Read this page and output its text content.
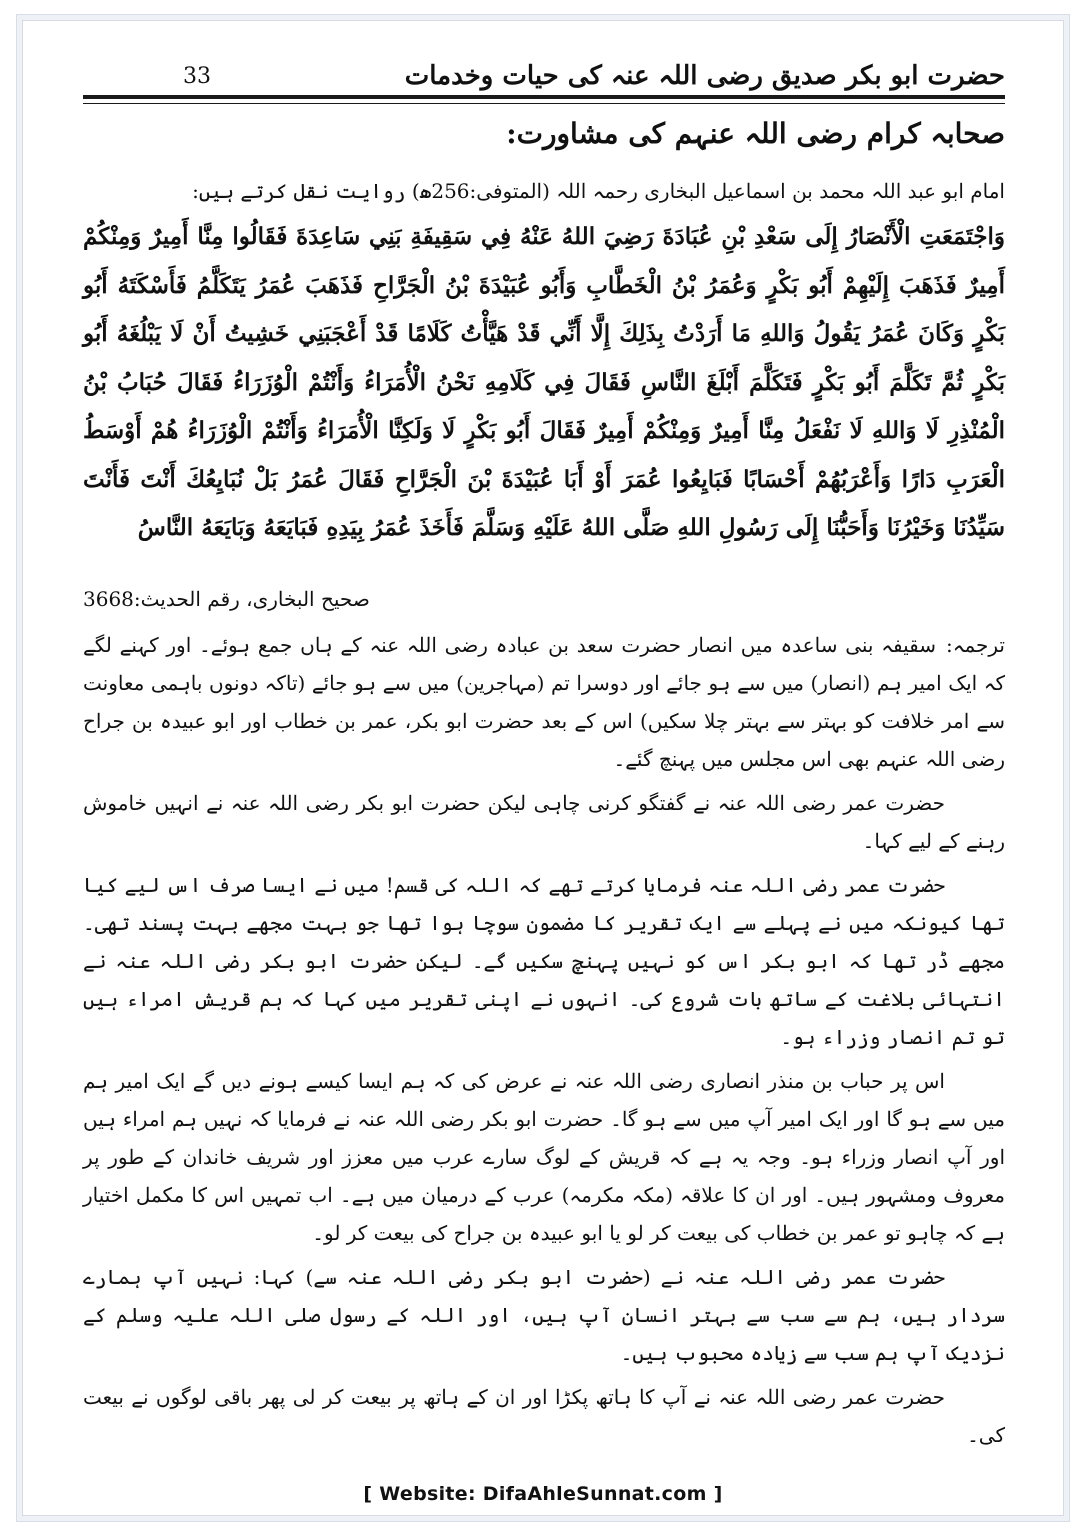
33	حضرت ابو بکر صدیق رضی اللہ عنہ کی حیات وخدمات
صحابہ کرام رضی اللہ عنہم کی مشاورت:
امام ابو عبد اللہ محمد بن اسماعیل البخاری رحمہ اللہ (المتوفی:256ھ) روایت نقل کرتے ہیں:
وَاجْتَمَعَتِ الْأَنْصَارُ إِلَى سَعْدِ بْنِ عُبَادَةَ رَضِيَ اللهُ عَنْهُ فِي سَقِيفَةِ بَنِي سَاعِدَةَ فَقَالُوا مِنَّا أَمِيرٌ وَمِنْكُمْ أَمِيرٌ فَذَهَبَ إِلَيْهِمْ أَبُو بَكْرٍ وَعُمَرُ بْنُ الْخَطَّابِ وَأَبُو عُبَيْدَةَ بْنُ الْجَرَّاحِ فَذَهَبَ عُمَرُ يَتَكَلَّمُ فَأَسْكَتَهُ أَبُو بَكْرٍ وَكَانَ عُمَرُ يَقُولُ وَاللهِ مَا أَرَدْتُ بِذَلِكَ إِلَّا أَنِّي قَدْ هَيَّأْتُ كَلَامًا قَدْ أَعْجَبَنِي خَشِيتُ أَنْ لَا يَبْلُغَهُ أَبُو بَكْرٍ ثُمَّ تَكَلَّمَ أَبُو بَكْرٍ فَتَكَلَّمَ أَبْلَغَ النَّاسِ فَقَالَ فِي كَلَامِهِ نَحْنُ الْأُمَرَاءُ وَأَنْتُمْ الْوُزَرَاءُ فَقَالَ حُبَابُ بْنُ الْمُنْذِرِ لَا وَاللهِ لَا نَفْعَلُ مِنَّا أَمِيرٌ وَمِنْكُمْ أَمِيرٌ فَقَالَ أَبُو بَكْرٍ لَا وَلَكِنَّا الْأُمَرَاءُ وَأَنْتُمْ الْوُزَرَاءُ هُمْ أَوْسَطُ الْعَرَبِ دَارًا وَأَعْرَبُهُمْ أَحْسَابًا فَبَايِعُوا عُمَرَ أَوْ أَبَا عُبَيْدَةَ بْنَ الْجَرَّاحِ فَقَالَ عُمَرُ بَلْ نُبَايِعُكَ أَنْتَ فَأَنْتَ سَيِّدُنَا وَخَيْرُنَا وَأَحَبُّنَا إِلَى رَسُولِ اللهِ صَلَّى اللهُ عَلَيْهِ وَسَلَّمَ فَأَخَذَ عُمَرُ بِيَدِهِ فَبَايَعَهُ وَبَايَعَهُ النَّاسُ
صحیح البخاری، رقم الحدیث:3668

ترجمہ:سقیفہ بنی ساعدہ میں انصار حضرت سعد بن عبادہ رضی اللہ عنہ کے ہاں جمع ہوئے۔ اور کہنے لگے کہ ایک امیر ہم (انصار) میں سے ہو جائے اور دوسرا تم (مہاجرین) میں سے ہو جائے (تاکہ دونوں باہمی معاونت سے امر خلافت کو بہتر سے بہتر چلا سکیں) اس کے بعد حضرت ابو بکر، عمر بن خطاب اور ابو عبیدہ بن جراح رضی اللہ عنہم بھی اس مجلس میں پہنچ گئے۔

حضرت عمر رضی اللہ عنہ نے گفتگو کرنی چاہی لیکن حضرت ابو بکر رضی اللہ عنہ نے انہیں خاموش رہنے کے لیے کہا۔

حضرت عمر رضی اللہ عنہ فرمایا کرتے تھے کہ اللہ کی قسم! میں نے ایسا صرف اس لیے کیا تھا کیونکہ میں نے پہلے سے ایک تقریر کا مضمون سوچا ہوا تھا جو بہت مجھے بہت پسند تھی۔ مجھے ڈر تھا کہ ابو بکر اس کو نہیں پہنچ سکیں گے۔ لیکن حضرت ابو بکر رضی اللہ عنہ نے انتہائی بلاغت کے ساتھ بات شروع کی۔ انہوں نے اپنی تقریر میں کہا کہ ہم قریش امراء ہیں تو تم انصار وزراء ہو۔

اس پر حباب بن منذر انصاری رضی اللہ عنہ نے عرض کی کہ ہم ایسا کیسے ہونے دیں گے ایک امیر ہم میں سے ہو گا اور ایک امیر آپ میں سے ہو گا۔ حضرت ابو بکر رضی اللہ عنہ نے فرمایا کہ نہیں ہم امراء ہیں اور آپ انصار وزراء ہو۔ وجہ یہ ہے کہ قریش کے لوگ سارے عرب میں معزز اور شریف خاندان کے طور پر معروف ومشہور ہیں۔ اور ان کا علاقہ (مکہ مکرمہ) عرب کے درمیان میں ہے۔ اب تمہیں اس کا مکمل اختیار ہے کہ چاہو تو عمر بن خطاب کی بیعت کر لو یا ابو عبیدہ بن جراح کی بیعت کر لو۔

حضرت عمر رضی اللہ عنہ نے (حضرت ابو بکر رضی اللہ عنہ سے) کہا: نہیں آپ ہمارے سردار ہیں، ہم سے سب سے بہتر انسان آپ ہیں، اور اللہ کے رسول صلی اللہ علیہ وسلم کے نزدیک آپ ہم سب سے زیادہ محبوب ہیں۔

حضرت عمر رضی اللہ عنہ نے آپ کا ہاتھ پکڑا اور ان کے ہاتھ پر بیعت کر لی پھر باقی لوگوں نے بیعت کی۔

[ Website: DifaAhleSunnat.com ]
